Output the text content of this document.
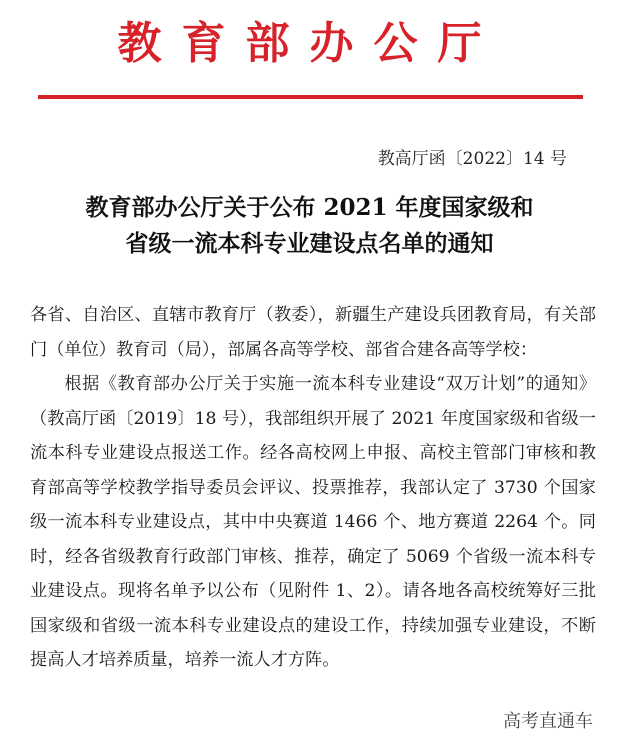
教育部办公厅
教高厅函〔2022〕14 号
教育部办公厅关于公布 2021 年度国家级和
省级一流本科专业建设点名单的通知

各省、自治区、直辖市教育厅（教委），新疆生产建设兵团教育局，有关部门（单位）教育司（局），部属各高等学校、部省合建各高等学校：

根据《教育部办公厅关于实施一流本科专业建设“双万计划”的通知》（教高厅函〔2019〕18 号），我部组织开展了 2021 年度国家级和省级一流本科专业建设点报送工作。经各高校网上申报、高校主管部门审核和教育部高等学校教学指导委员会评议、投票推荐，我部认定了 3730 个国家级一流本科专业建设点，其中中央赛道 1466 个、地方赛道 2264 个。同时，经各省级教育行政部门审核、推荐，确定了 5069 个省级一流本科专业建设点。现将名单予以公布（见附件 1、2）。请各地各高校统筹好三批国家级和省级一流本科专业建设点的建设工作，持续加强专业建设，不断提高人才培养质量，培养一流人才方阵。

高考直通车
